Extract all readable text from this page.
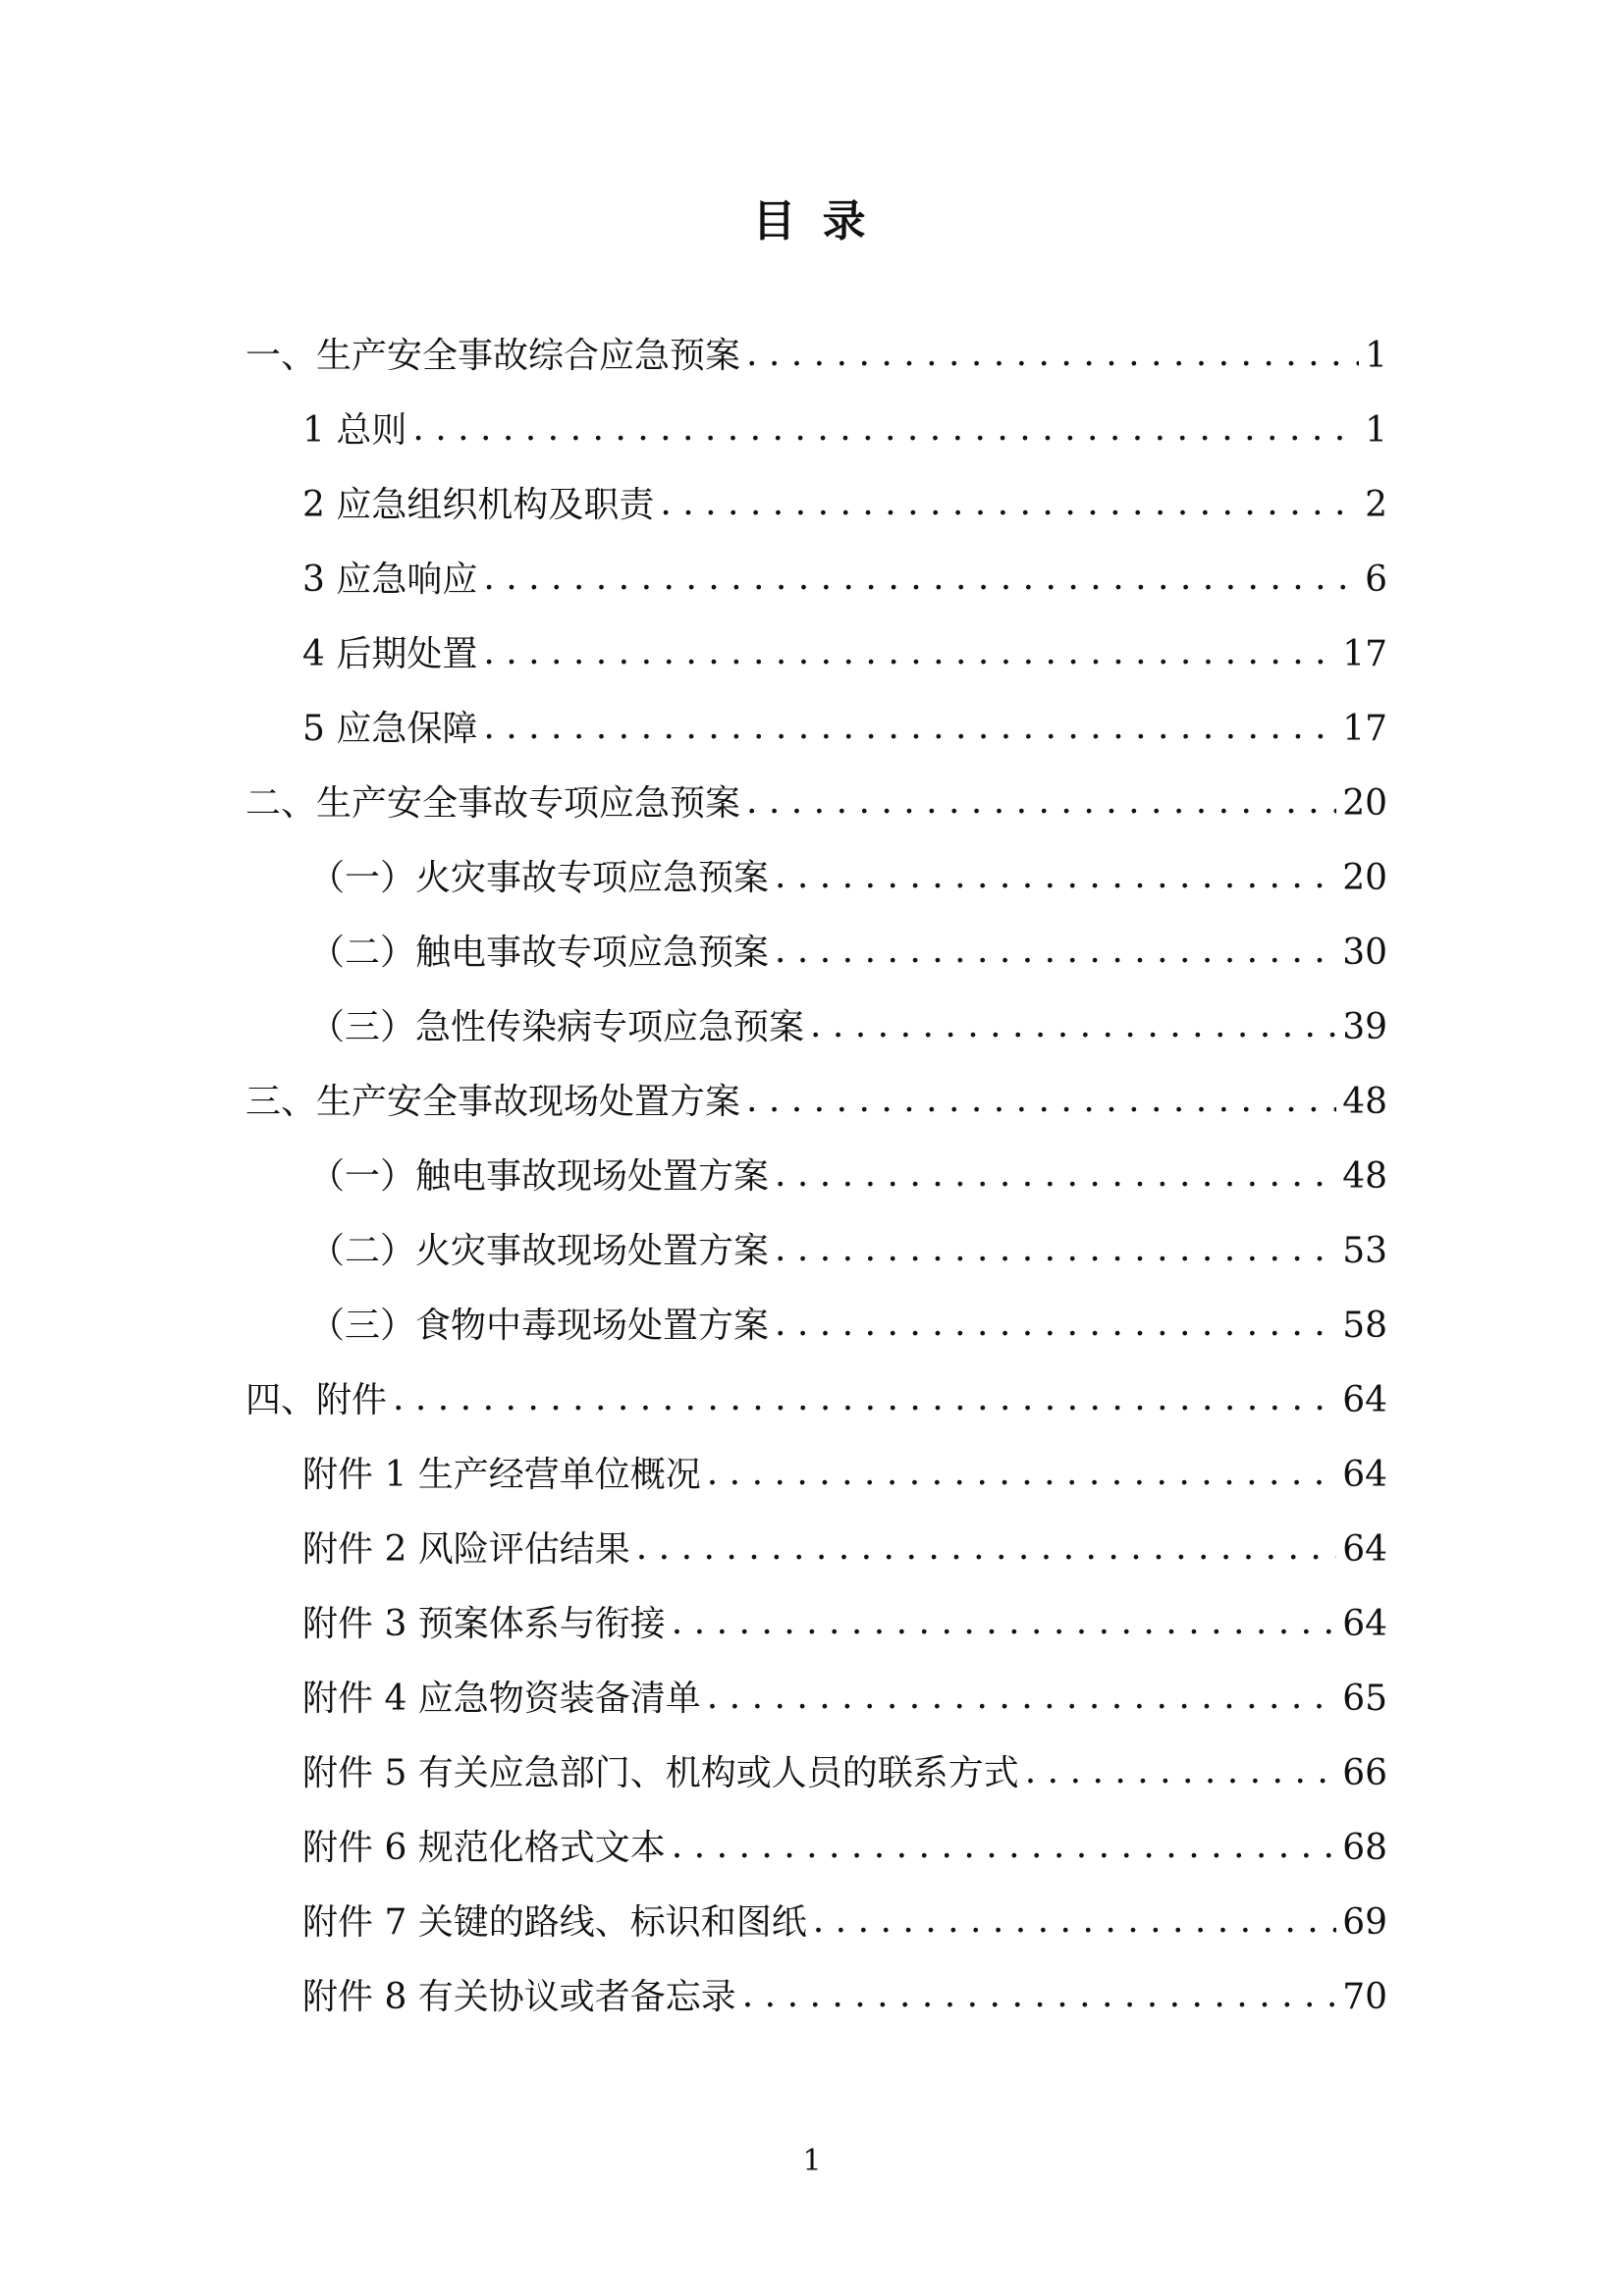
目 录
一、生产安全事故综合应急预案 . . .	1
1 总则 . . .	1
2 应急组织机构及职责 . . .	2
3 应急响应 . . .	6
4 后期处置 . . .	17
5 应急保障 . . .	17
二、生产安全事故专项应急预案 . . .	20
（一）火灾事故专项应急预案 . . .	20
（二）触电事故专项应急预案 . . .	30
（三）急性传染病专项应急预案 . . .	39
三、生产安全事故现场处置方案 . . .	48
（一）触电事故现场处置方案 . . .	48
（二）火灾事故现场处置方案 . . .	53
（三）食物中毒现场处置方案 . . .	58
四、附件 . . .	64
附件 1 生产经营单位概况 . . .	64
附件 2 风险评估结果 . . .	64
附件 3 预案体系与衔接 . . .	64
附件 4 应急物资装备清单 . . .	65
附件 5 有关应急部门、机构或人员的联系方式 . . .	66
附件 6 规范化格式文本 . . .	68
附件 7 关键的路线、标识和图纸 . . .	69
附件 8 有关协议或者备忘录 . . .	70
1
